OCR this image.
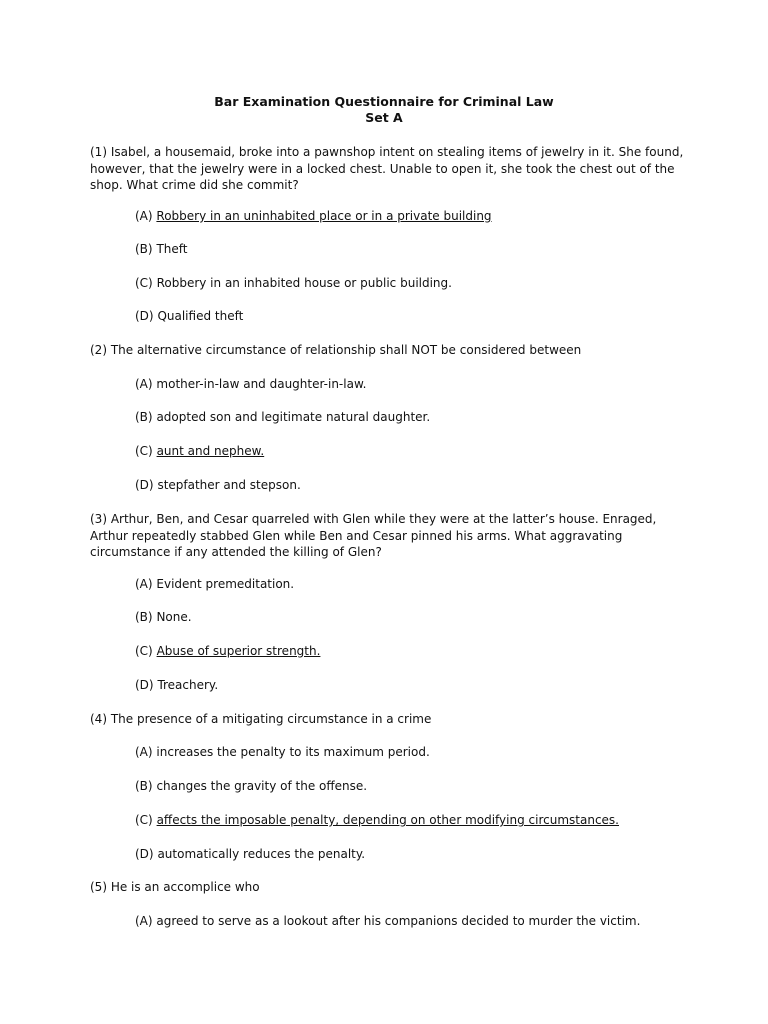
Bar Examination Questionnaire for Criminal Law
Set A
(1) Isabel, a housemaid, broke into a pawnshop intent on stealing items of jewelry in it. She found, however, that the jewelry were in a locked chest. Unable to open it, she took the chest out of the shop. What crime did she commit?
(A) Robbery in an uninhabited place or in a private building
(B) Theft
(C) Robbery in an inhabited house or public building.
(D) Qualified theft
(2) The alternative circumstance of relationship shall NOT be considered between
(A) mother-in-law and daughter-in-law.
(B) adopted son and legitimate natural daughter.
(C) aunt and nephew.
(D) stepfather and stepson.
(3) Arthur, Ben, and Cesar quarreled with Glen while they were at the latter’s house. Enraged, Arthur repeatedly stabbed Glen while Ben and Cesar pinned his arms. What aggravating circumstance if any attended the killing of Glen?
(A) Evident premeditation.
(B) None.
(C) Abuse of superior strength.
(D) Treachery.
(4) The presence of a mitigating circumstance in a crime
(A) increases the penalty to its maximum period.
(B) changes the gravity of the offense.
(C) affects the imposable penalty, depending on other modifying circumstances.
(D) automatically reduces the penalty.
(5) He is an accomplice who
(A) agreed to serve as a lookout after his companions decided to murder the victim.
